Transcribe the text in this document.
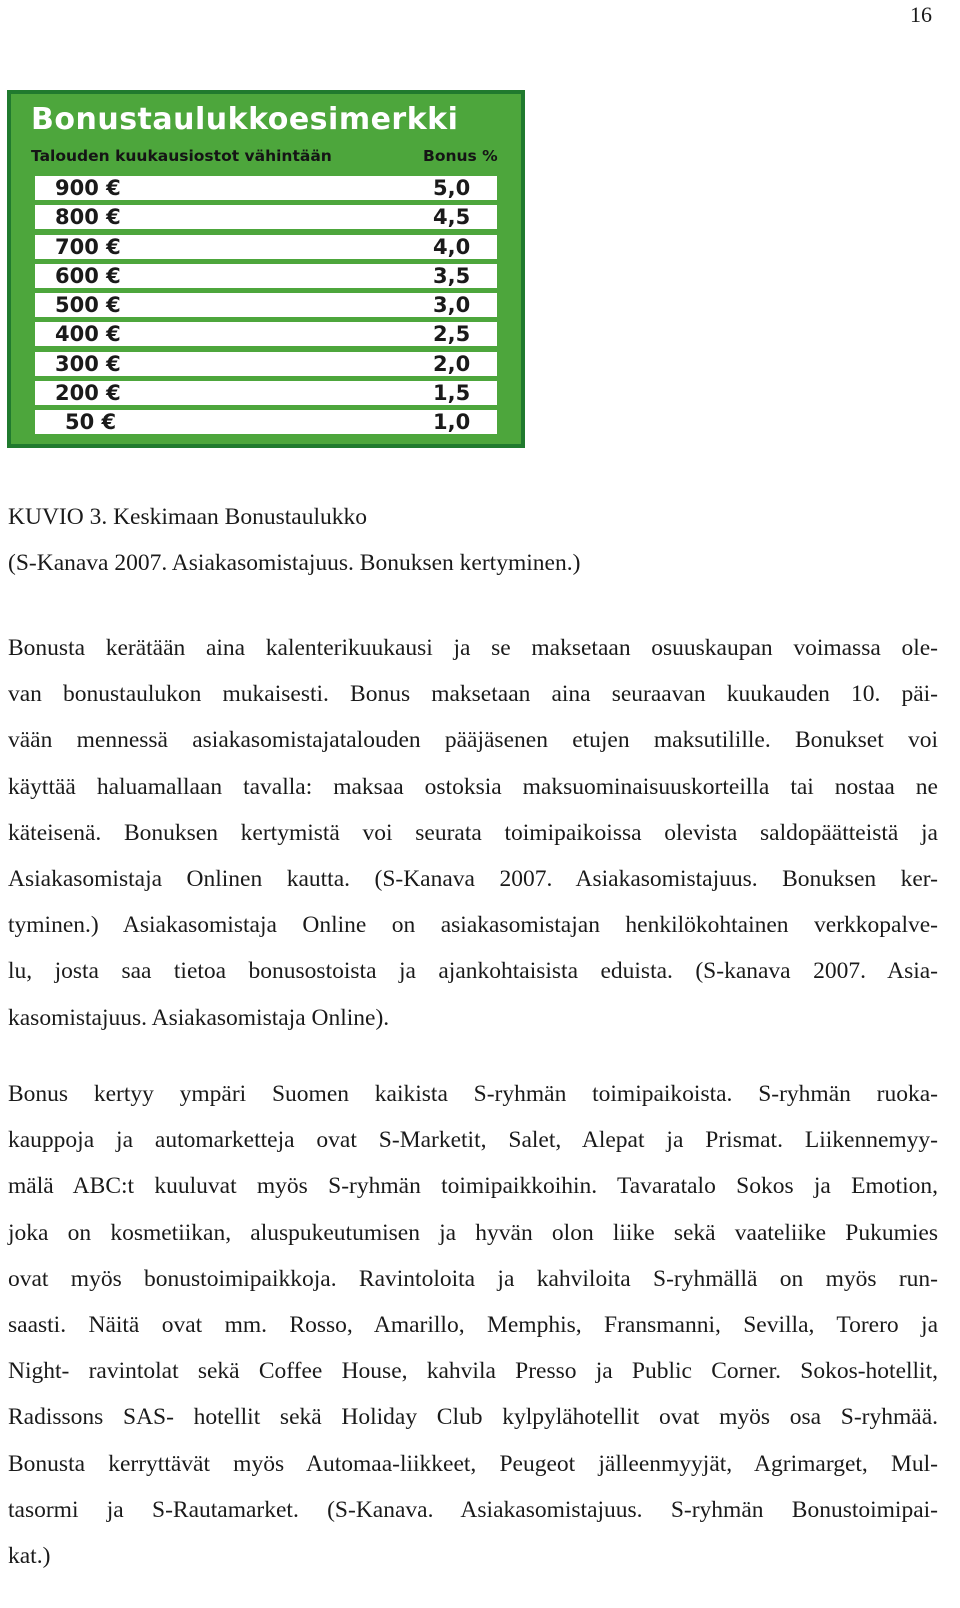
16
Bonustaulukkoesimerkki
Talouden kuukausiostot vähintään	Bonus %
900 €	5,0
800 €	4,5
700 €	4,0
600 €	3,5
500 €	3,0
400 €	2,5
300 €	2,0
200 €	1,5
50 €	1,0
KUVIO 3. Keskimaan Bonustaulukko
(S-Kanava 2007. Asiakasomistajuus. Bonuksen kertyminen.)
Bonusta kerätään aina kalenterikuukausi ja se maksetaan osuuskaupan voimassa ole-
van bonustaulukon mukaisesti. Bonus maksetaan aina seuraavan kuukauden 10. päi-
vään mennessä asiakasomistajatalouden pääjäsenen etujen maksutilille. Bonukset voi
käyttää haluamallaan tavalla: maksaa ostoksia maksuominaisuuskorteilla tai nostaa ne
käteisenä. Bonuksen kertymistä voi seurata toimipaikoissa olevista saldopäätteistä ja
Asiakasomistaja Onlinen kautta. (S-Kanava 2007. Asiakasomistajuus. Bonuksen ker-
tyminen.) Asiakasomistaja Online on asiakasomistajan henkilökohtainen verkkopalve-
lu, josta saa tietoa bonusostoista ja ajankohtaisista eduista. (S-kanava 2007. Asia-
kasomistajuus. Asiakasomistaja Online).
Bonus kertyy ympäri Suomen kaikista S-ryhmän toimipaikoista. S-ryhmän ruoka-
kauppoja ja automarketteja ovat S-Marketit, Salet, Alepat ja Prismat. Liikennemyy-
mälä ABC:t kuuluvat myös S-ryhmän toimipaikkoihin. Tavaratalo Sokos ja Emotion,
joka on kosmetiikan, aluspukeutumisen ja hyvän olon liike sekä vaateliike Pukumies
ovat myös bonustoimipaikkoja. Ravintoloita ja kahviloita S-ryhmällä on myös run-
saasti. Näitä ovat mm. Rosso, Amarillo, Memphis, Fransmanni, Sevilla, Torero ja
Night- ravintolat sekä Coffee House, kahvila Presso ja Public Corner. Sokos-hotellit,
Radissons SAS- hotellit sekä Holiday Club kylpylähotellit ovat myös osa S-ryhmää.
Bonusta kerryttävät myös Automaa-liikkeet, Peugeot jälleenmyyjät, Agrimarget, Mul-
tasormi ja S-Rautamarket. (S-Kanava. Asiakasomistajuus. S-ryhmän Bonustoimipai-
kat.)
